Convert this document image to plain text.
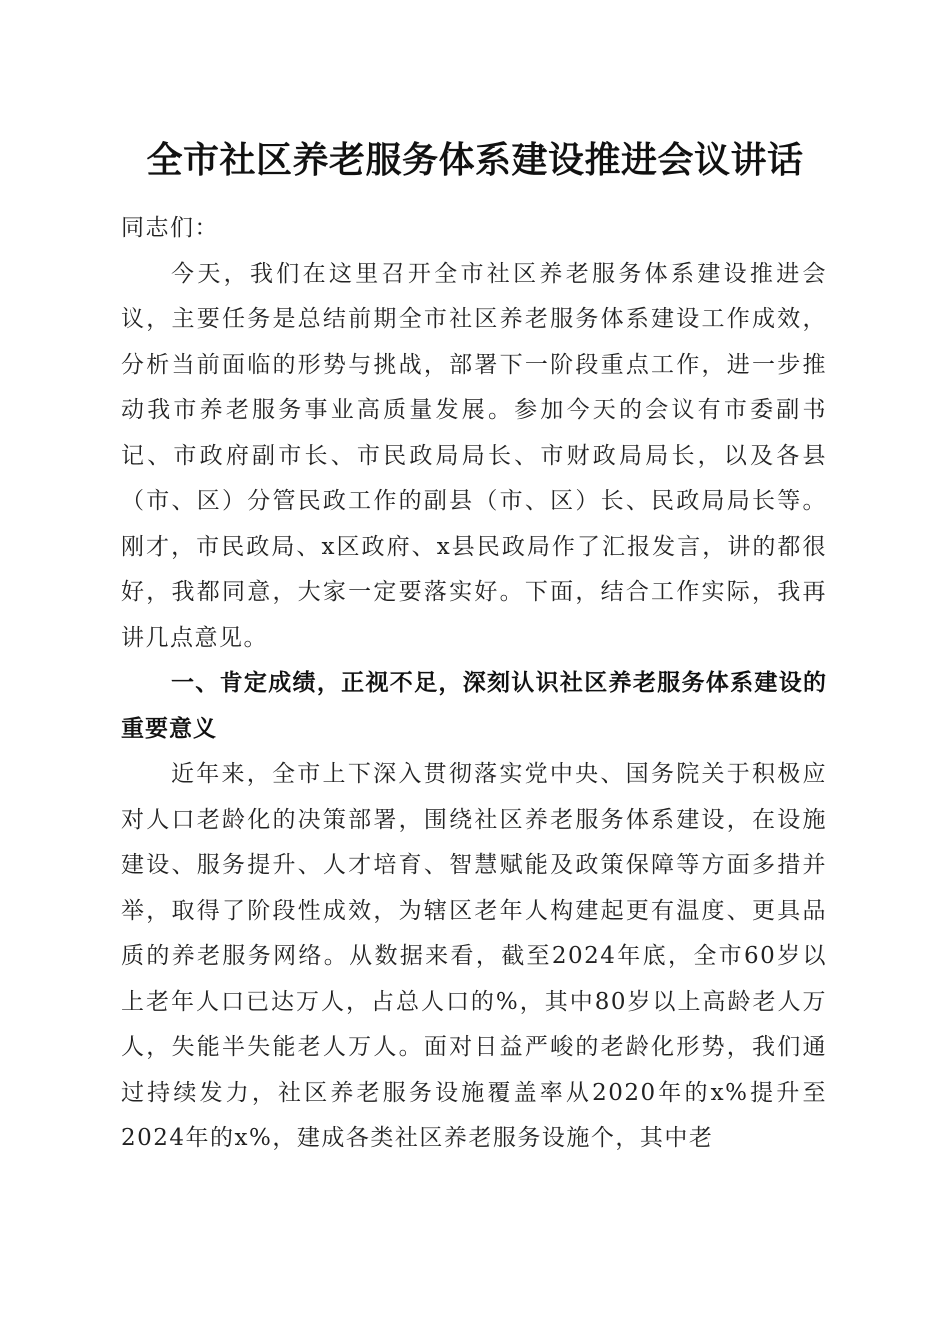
全市社区养老服务体系建设推进会议讲话

同志们：

今天，我们在这里召开全市社区养老服务体系建设推进会议，主要任务是总结前期全市社区养老服务体系建设工作成效，分析当前面临的形势与挑战，部署下一阶段重点工作，进一步推动我市养老服务事业高质量发展。参加今天的会议有市委副书记、市政府副市长、市民政局局长、市财政局局长，以及各县（市、区）分管民政工作的副县（市、区）长、民政局局长等。刚才，市民政局、x区政府、x县民政局作了汇报发言，讲的都很好，我都同意，大家一定要落实好。下面，结合工作实际，我再讲几点意见。

一、肯定成绩，正视不足，深刻认识社区养老服务体系建设的重要意义

近年来，全市上下深入贯彻落实党中央、国务院关于积极应对人口老龄化的决策部署，围绕社区养老服务体系建设，在设施建设、服务提升、人才培育、智慧赋能及政策保障等方面多措并举，取得了阶段性成效，为辖区老年人构建起更有温度、更具品质的养老服务网络。从数据来看，截至2024年底，全市60岁以上老年人口已达万人，占总人口的%，其中80岁以上高龄老人万人，失能半失能老人万人。面对日益严峻的老龄化形势，我们通过持续发力，社区养老服务设施覆盖率从2020年的x%提升至2024年的x%，建成各类社区养老服务设施个，其中老
